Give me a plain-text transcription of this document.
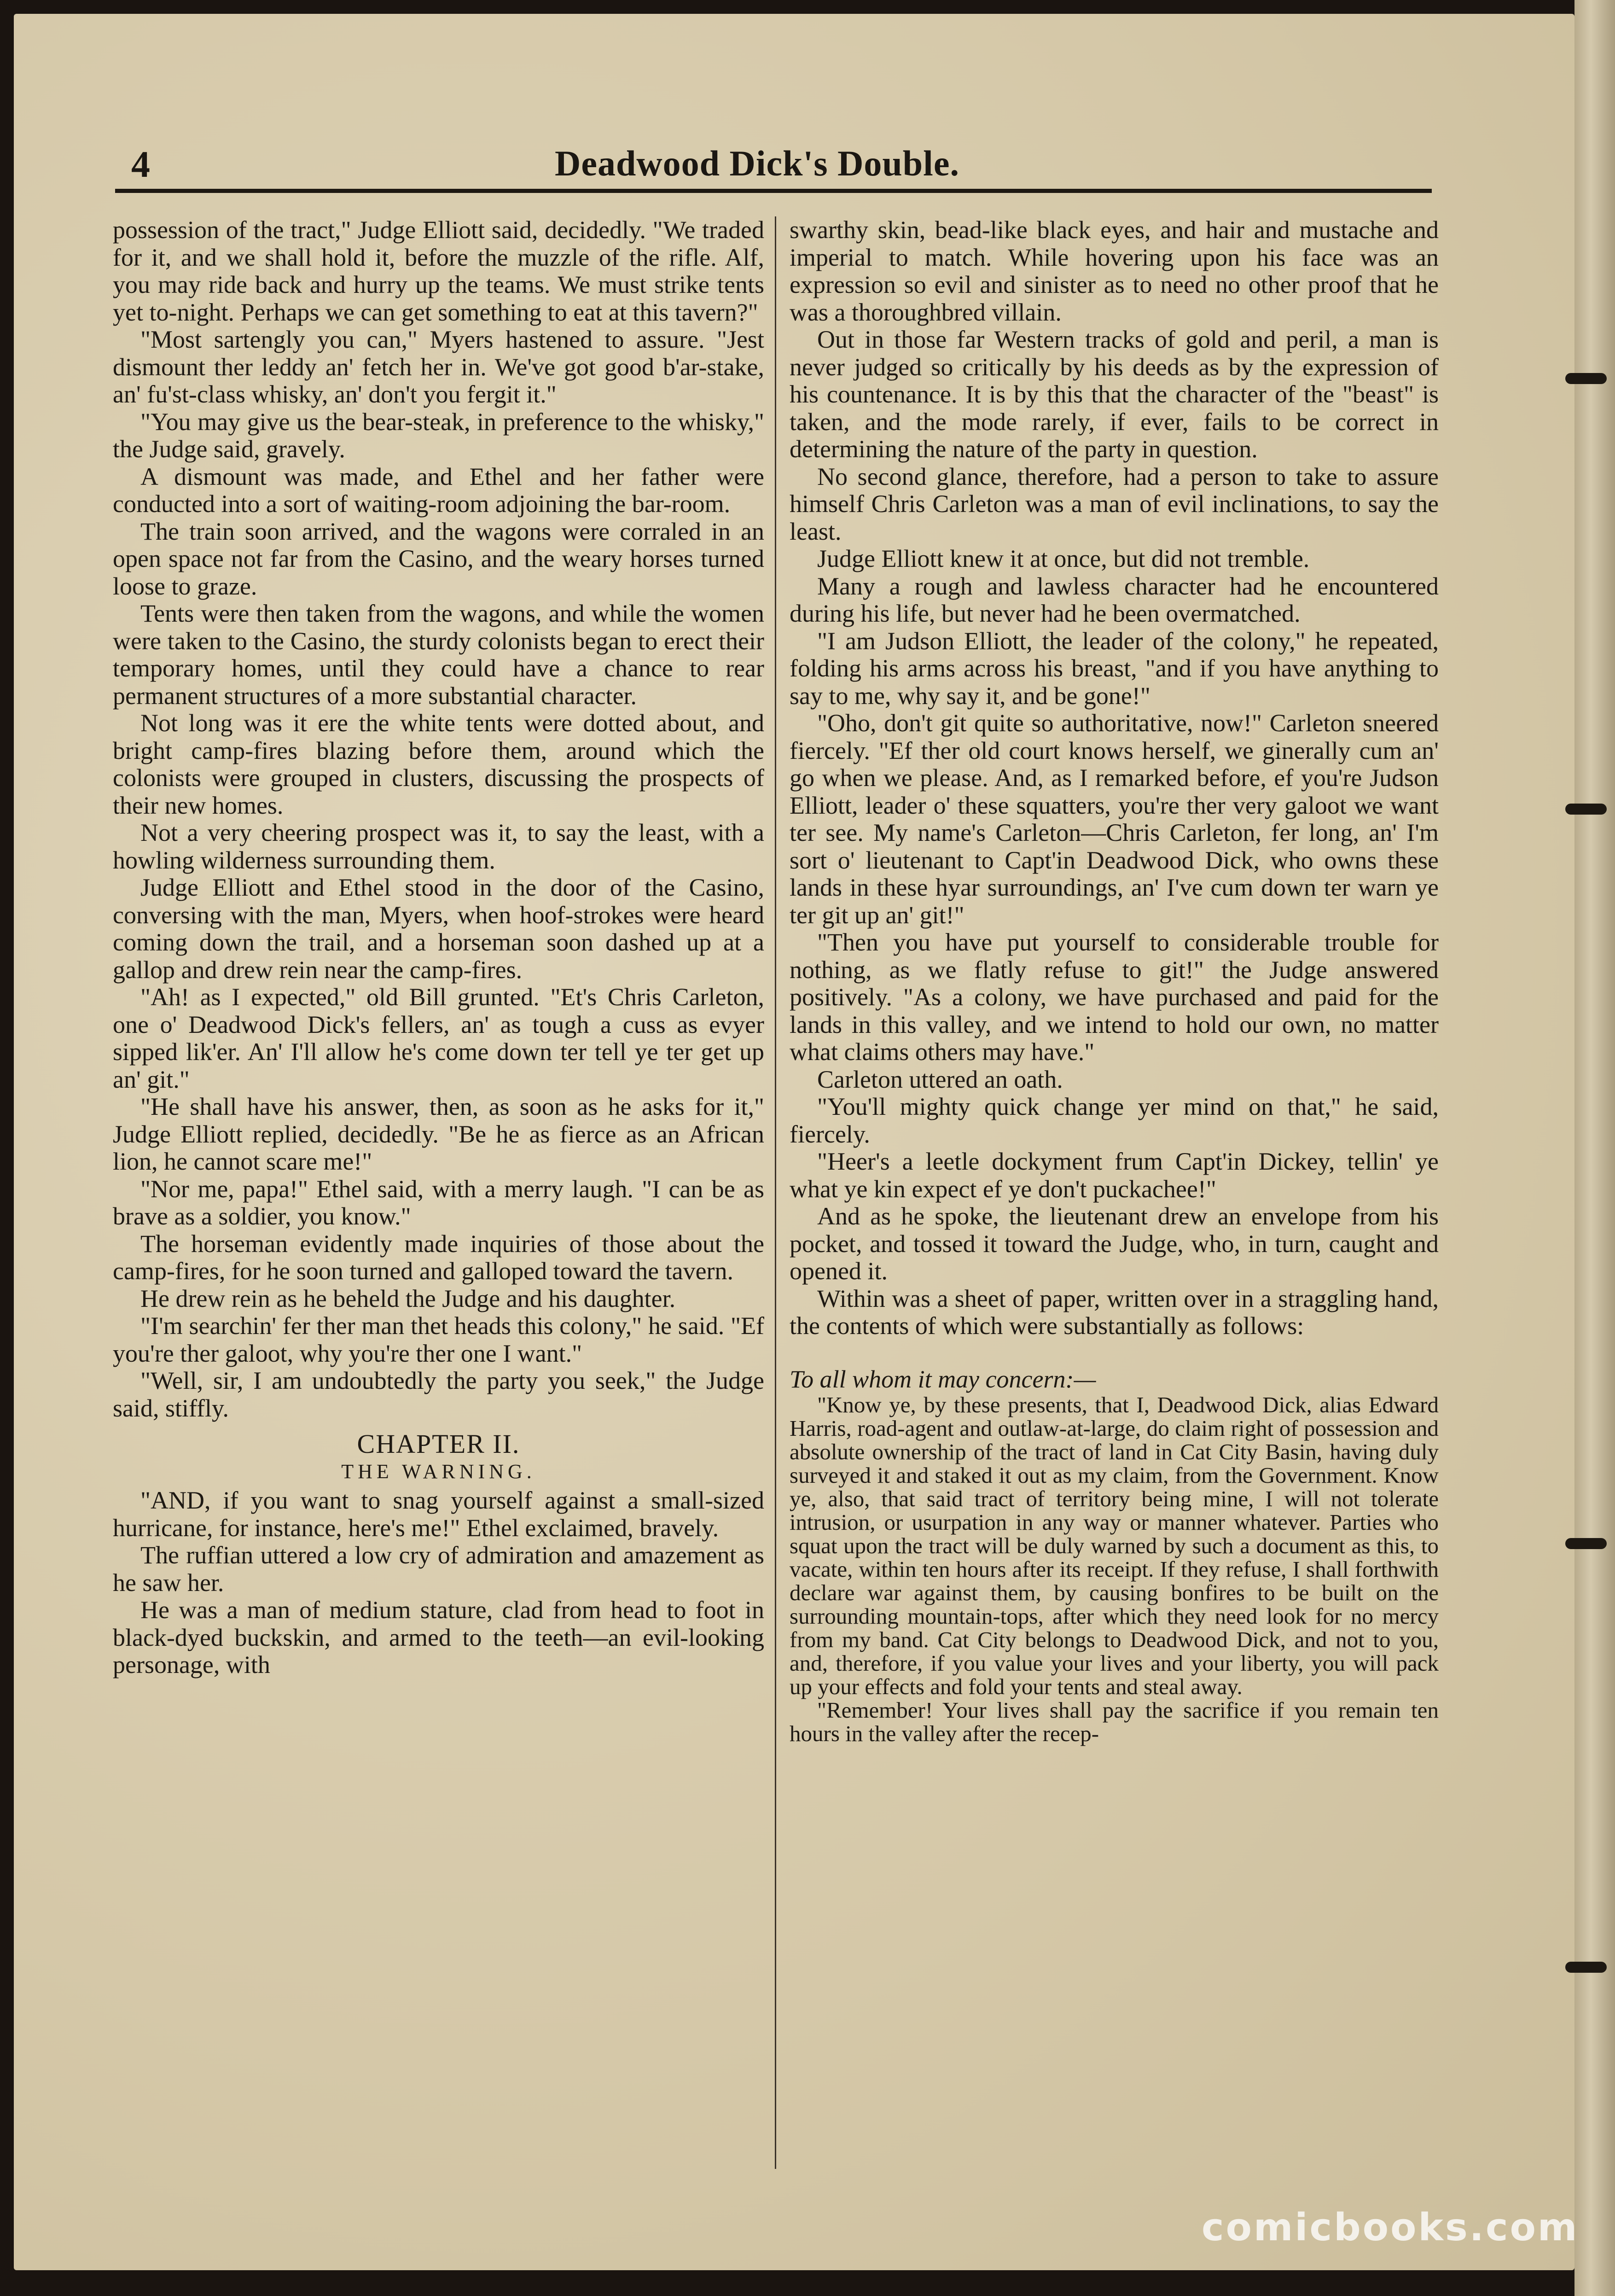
4	Deadwood Dick's Double.

possession of the tract," Judge Elliott said, decidedly. "We traded for it, and we shall hold it, before the muzzle of the rifle. Alf, you may ride back and hurry up the teams. We must strike tents yet to-night. Perhaps we can get something to eat at this tavern?"

"Most sartengly you can," Myers hastened to assure. "Jest dismount ther leddy an' fetch her in. We've got good b'ar-stake, an' fu'st-class whisky, an' don't you fergit it."

"You may give us the bear-steak, in preference to the whisky," the Judge said, gravely.

A dismount was made, and Ethel and her father were conducted into a sort of waiting-room adjoining the bar-room.

The train soon arrived, and the wagons were corraled in an open space not far from the Casino, and the weary horses turned loose to graze.

Tents were then taken from the wagons, and while the women were taken to the Casino, the sturdy colonists began to erect their temporary homes, until they could have a chance to rear permanent structures of a more substantial character.

Not long was it ere the white tents were dotted about, and bright camp-fires blazing before them, around which the colonists were grouped in clusters, discussing the prospects of their new homes.

Not a very cheering prospect was it, to say the least, with a howling wilderness surrounding them.

Judge Elliott and Ethel stood in the door of the Casino, conversing with the man, Myers, when hoof-strokes were heard coming down the trail, and a horseman soon dashed up at a gallop and drew rein near the camp-fires.

"Ah! as I expected," old Bill grunted. "Et's Chris Carleton, one o' Deadwood Dick's fellers, an' as tough a cuss as evyer sipped lik'er. An' I'll allow he's come down ter tell ye ter get up an' git."

"He shall have his answer, then, as soon as he asks for it," Judge Elliott replied, decidedly. "Be he as fierce as an African lion, he cannot scare me!"

"Nor me, papa!" Ethel said, with a merry laugh. "I can be as brave as a soldier, you know."

The horseman evidently made inquiries of those about the camp-fires, for he soon turned and galloped toward the tavern.

He drew rein as he beheld the Judge and his daughter.

"I'm searchin' fer ther man thet heads this colony," he said. "Ef you're ther galoot, why you're ther one I want."

"Well, sir, I am undoubtedly the party you seek," the Judge said, stiffly.

CHAPTER II.

THE WARNING.

"AND, if you want to snag yourself against a small-sized hurricane, for instance, here's me!" Ethel exclaimed, bravely.

The ruffian uttered a low cry of admiration and amazement as he saw her.

He was a man of medium stature, clad from head to foot in black-dyed buckskin, and armed to the teeth—an evil-looking personage, with

swarthy skin, bead-like black eyes, and hair and mustache and imperial to match. While hovering upon his face was an expression so evil and sinister as to need no other proof that he was a thoroughbred villain.

Out in those far Western tracks of gold and peril, a man is never judged so critically by his deeds as by the expression of his countenance. It is by this that the character of the "beast" is taken, and the mode rarely, if ever, fails to be correct in determining the nature of the party in question.

No second glance, therefore, had a person to take to assure himself Chris Carleton was a man of evil inclinations, to say the least.

Judge Elliott knew it at once, but did not tremble.

Many a rough and lawless character had he encountered during his life, but never had he been overmatched.

"I am Judson Elliott, the leader of the colony," he repeated, folding his arms across his breast, "and if you have anything to say to me, why say it, and be gone!"

"Oho, don't git quite so authoritative, now!" Carleton sneered fiercely. "Ef ther old court knows herself, we ginerally cum an' go when we please. And, as I remarked before, ef you're Judson Elliott, leader o' these squatters, you're ther very galoot we want ter see. My name's Carleton—Chris Carleton, fer long, an' I'm sort o' lieutenant to Capt'in Deadwood Dick, who owns these lands in these hyar surroundings, an' I've cum down ter warn ye ter git up an' git!"

"Then you have put yourself to considerable trouble for nothing, as we flatly refuse to git!" the Judge answered positively. "As a colony, we have purchased and paid for the lands in this valley, and we intend to hold our own, no matter what claims others may have."

Carleton uttered an oath.

"You'll mighty quick change yer mind on that," he said, fiercely.

"Heer's a leetle dockyment frum Capt'in Dickey, tellin' ye what ye kin expect ef ye don't puckachee!"

And as he spoke, the lieutenant drew an envelope from his pocket, and tossed it toward the Judge, who, in turn, caught and opened it.

Within was a sheet of paper, written over in a straggling hand, the contents of which were substantially as follows:

To all whom it may concern:—

"Know ye, by these presents, that I, Deadwood Dick, alias Edward Harris, road-agent and outlaw-at-large, do claim right of possession and absolute ownership of the tract of land in Cat City Basin, having duly surveyed it and staked it out as my claim, from the Government. Know ye, also, that said tract of territory being mine, I will not tolerate intrusion, or usurpation in any way or manner whatever. Parties who squat upon the tract will be duly warned by such a document as this, to vacate, within ten hours after its receipt. If they refuse, I shall forthwith declare war against them, by causing bonfires to be built on the surrounding mountain-tops, after which they need look for no mercy from my band. Cat City belongs to Deadwood Dick, and not to you, and, therefore, if you value your lives and your liberty, you will pack up your effects and fold your tents and steal away.

"Remember! Your lives shall pay the sacrifice if you remain ten hours in the valley after the recep-

comicbooks.com
